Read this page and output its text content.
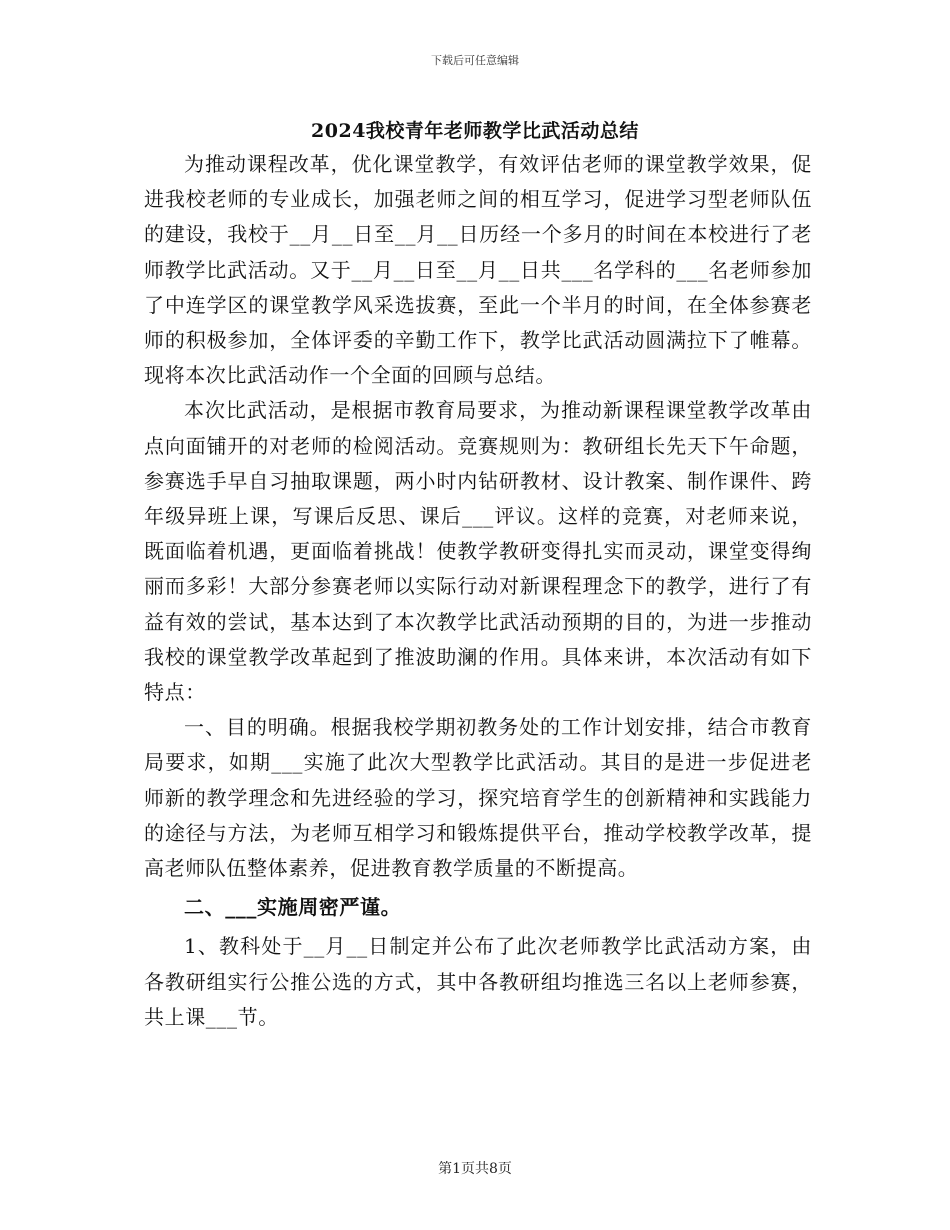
下载后可任意编辑
2024我校青年老师教学比武活动总结

为推动课程改革，优化课堂教学，有效评估老师的课堂教学效果，促进我校老师的专业成长，加强老师之间的相互学习，促进学习型老师队伍的建设，我校于__月__日至__月__日历经一个多月的时间在本校进行了老师教学比武活动。又于__月__日至__月__日共___名学科的___名老师参加了中连学区的课堂教学风采选拔赛，至此一个半月的时间，在全体参赛老师的积极参加，全体评委的辛勤工作下，教学比武活动圆满拉下了帷幕。现将本次比武活动作一个全面的回顾与总结。

本次比武活动，是根据市教育局要求，为推动新课程课堂教学改革由点向面铺开的对老师的检阅活动。竞赛规则为：教研组长先天下午命题，参赛选手早自习抽取课题，两小时内钻研教材、设计教案、制作课件、跨年级异班上课，写课后反思、课后___评议。这样的竞赛，对老师来说，既面临着机遇，更面临着挑战！使教学教研变得扎实而灵动，课堂变得绚丽而多彩！大部分参赛老师以实际行动对新课程理念下的教学，进行了有益有效的尝试，基本达到了本次教学比武活动预期的目的，为进一步推动我校的课堂教学改革起到了推波助澜的作用。具体来讲，本次活动有如下特点：

一、目的明确。根据我校学期初教务处的工作计划安排，结合市教育局要求，如期___实施了此次大型教学比武活动。其目的是进一步促进老师新的教学理念和先进经验的学习，探究培育学生的创新精神和实践能力的途径与方法，为老师互相学习和锻炼提供平台，推动学校教学改革，提高老师队伍整体素养，促进教育教学质量的不断提高。

二、___实施周密严谨。

1、教科处于__月__日制定并公布了此次老师教学比武活动方案，由各教研组实行公推公选的方式，其中各教研组均推选三名以上老师参赛，共上课___节。

第1页共8页
